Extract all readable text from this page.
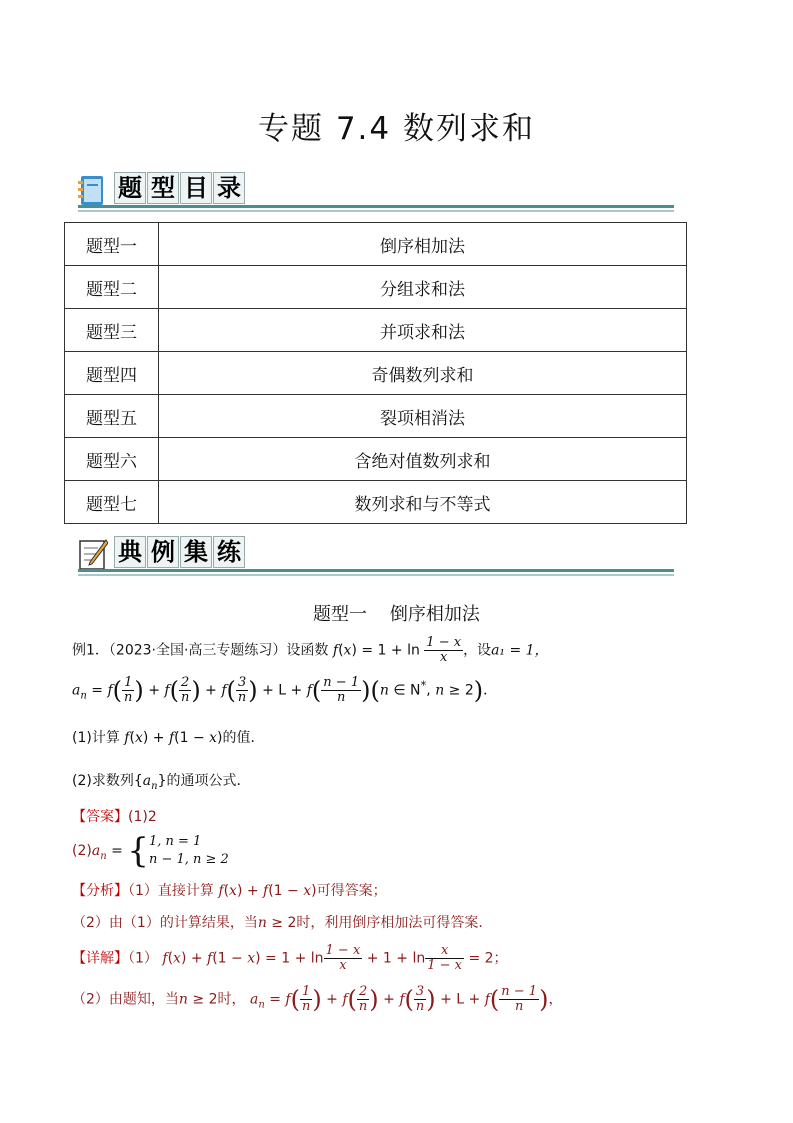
专题 7.4 数列求和
题 型 目 录
题型一	倒序相加法
题型二	分组求和法
题型三	并项求和法
题型四	奇偶数列求和
题型五	裂项相消法
题型六	含绝对值数列求和
题型七	数列求和与不等式
典 例 集 练
题型一    倒序相加法
例1．（2023·全国·高三专题练习）设函数 $f(x) = 1 + \ln \frac{1 - x}{x}$ ，设a₁ = 1，
$a_n = f( \frac{1}{n}$ ) + $f( \frac{2}{n}$ ) + $f( \frac{3}{n}$ ) + $L + f( \frac{n - 1}{n} )(n$ ∈ N*, n ≥ 2)．
(1)计算 f(x) + f(1 − x)的值．
(2)求数列$\{a_n\}$的通项公式．
【答案】(1)2
$(2)a_n$ = { 1, n = 1
n − 1, n ≥ 2
【分析】（1）直接计算 f(x) + f(1 − x)可得答案；
（2）由（1）的计算结果，当n ≥ 2时，利用倒序相加法可得答案.
【详解】（1） $f(x) + f(1 - x) = 1 + \ln \frac{1 - x}{x} + 1 + \ln \frac{x}{1 - x} = 2$；
（2）由题知，当n ≥ 2时， $a_n = f( \frac{1}{n}$ ) + $f( \frac{2}{n}$ ) + $f( \frac{3}{n}$ ) + $L + f( \frac{n - 1}{n}$ )，
